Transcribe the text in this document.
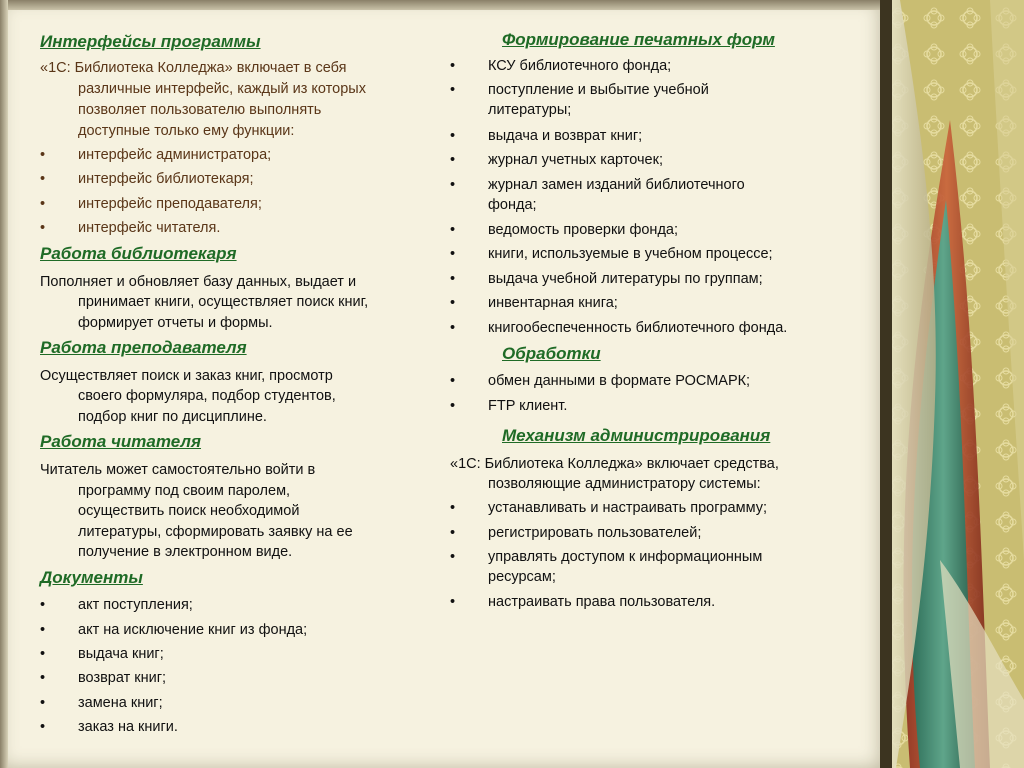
Интерфейсы программы

«1С: Библиотека Колледжа» включает в себя

различные интерфейс, каждый из которых

позволяет пользователю выполнять

доступные только ему функции:

• интерфейс администратора;
• интерфейс библиотекаря;
• интерфейс преподавателя;
• интерфейс читателя.
Работа библиотекаря

Пополняет и обновляет базу данных, выдает и

принимает книги, осуществляет поиск книг,

формирует отчеты и формы.

Работа преподавателя

Осуществляет поиск и заказ книг, просмотр

своего формуляра, подбор студентов,

подбор книг по дисциплине.

Работа читателя

Читатель может самостоятельно войти в

программу под своим паролем,

осуществить поиск необходимой

литературы, сформировать заявку на ее

получение в электронном виде.

Документы
• акт поступления;
• акт на исключение книг из фонда;
• выдача книг;
• возврат книг;
• замена книг;
• заказ на книги.
Формирование печатных форм
• КСУ библиотечного фонда;
• поступление и выбытие учебной
литературы;
• выдача и возврат книг;
• журнал учетных карточек;
• журнал замен изданий библиотечного
фонда;
• ведомость проверки фонда;
• книги, используемые в учебном процессе;
• выдача учебной литературы по группам;
• инвентарная книга;
• книгообеспеченность библиотечного фонда.
Обработки
• обмен данными в формате РОСМАРК;
• FTP клиент.
Механизм администрирования

«1С: Библиотека Колледжа» включает средства,

позволяющие администратору системы:

• устанавливать и настраивать программу;
• регистрировать пользователей;
• управлять доступом к информационным
ресурсам;
• настраивать права пользователя.
